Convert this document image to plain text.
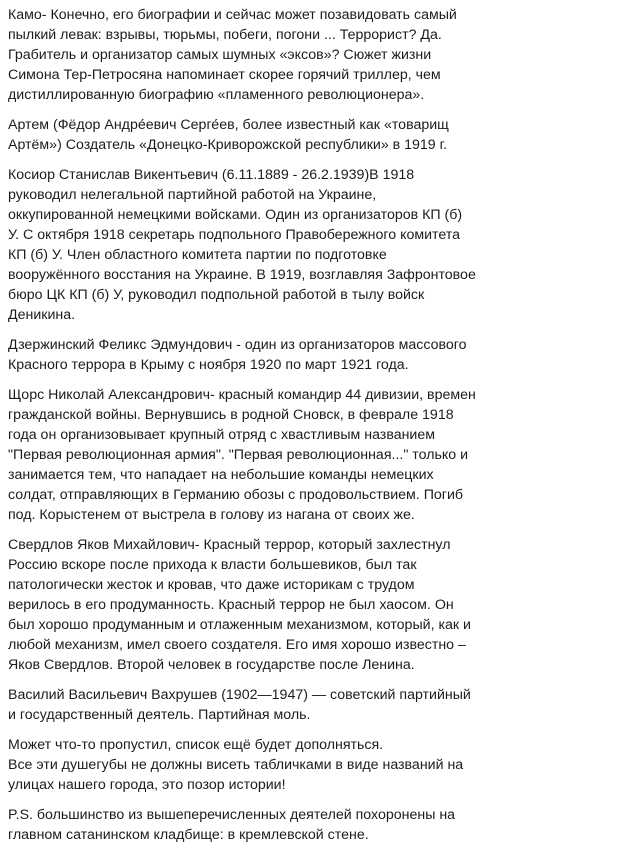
Камо- Конечно, его биографии и сейчас может позавидовать самый
пылкий левак: взрывы, тюрьмы, побеги, погони ... Террорист? Да.
Грабитель и организатор самых шумных «эксов»? Сюжет жизни
Симона Тер-Петросяна напоминает скорее горячий триллер, чем
дистиллированную биографию «пламенного революционера».

Артем (Фёдор Андре́евич Серге́ев, более известный как «товарищ
Артём») Создатель «Донецко-Криворожской республики» в 1919 г.

Косиор Станислав Викентьевич (6.11.1889 - 26.2.1939)В 1918
руководил нелегальной партийной работой на Украине,
оккупированной немецкими войсками. Один из организаторов КП (б)
У. С октября 1918 секретарь подпольного Правобережного комитета
КП (б) У. Член областного комитета партии по подготовке
вооружённого восстания на Украине. В 1919, возглавляя Зафронтовое
бюро ЦК КП (б) У, руководил подпольной работой в тылу войск
Деникина.

Дзержинский Феликс Эдмундович - один из организаторов массового
Красного террора в Крыму с ноября 1920 по март 1921 года.

Щорс Николай Александрович- красный командир 44 дивизии, времен
гражданской войны. Вернувшись в родной Сновск, в феврале 1918
года он организовывает крупный отряд с хвастливым названием
"Первая революционная армия". "Первая революционная..." только и
занимается тем, что нападает на небольшие команды немецких
солдат, отправляющих в Германию обозы с продовольствием. Погиб
под. Корыстенем от выстрела в голову из нагана от своих же.

Свердлов Яков Михайлович- Красный террор, который захлестнул
Россию вскоре после прихода к власти большевиков, был так
патологически жесток и кровав, что даже историкам с трудом
верилось в его продуманность. Красный террор не был хаосом. Он
был хорошо продуманным и отлаженным механизмом, который, как и
любой механизм, имел своего создателя. Его имя хорошо известно –
Яков Свердлов. Второй человек в государстве после Ленина.

Василий Васильевич Вахрушев (1902—1947) — советский партийный
и государственный деятель. Партийная моль.

Может что-то пропустил, список ещё будет дополняться.
Все эти душегубы не должны висеть табличками в виде названий на
улицах нашего города, это позор истории!

P.S. большинство из вышеперечисленных деятелей похоронены на
главном сатанинском кладбище: в кремлевской стене.
